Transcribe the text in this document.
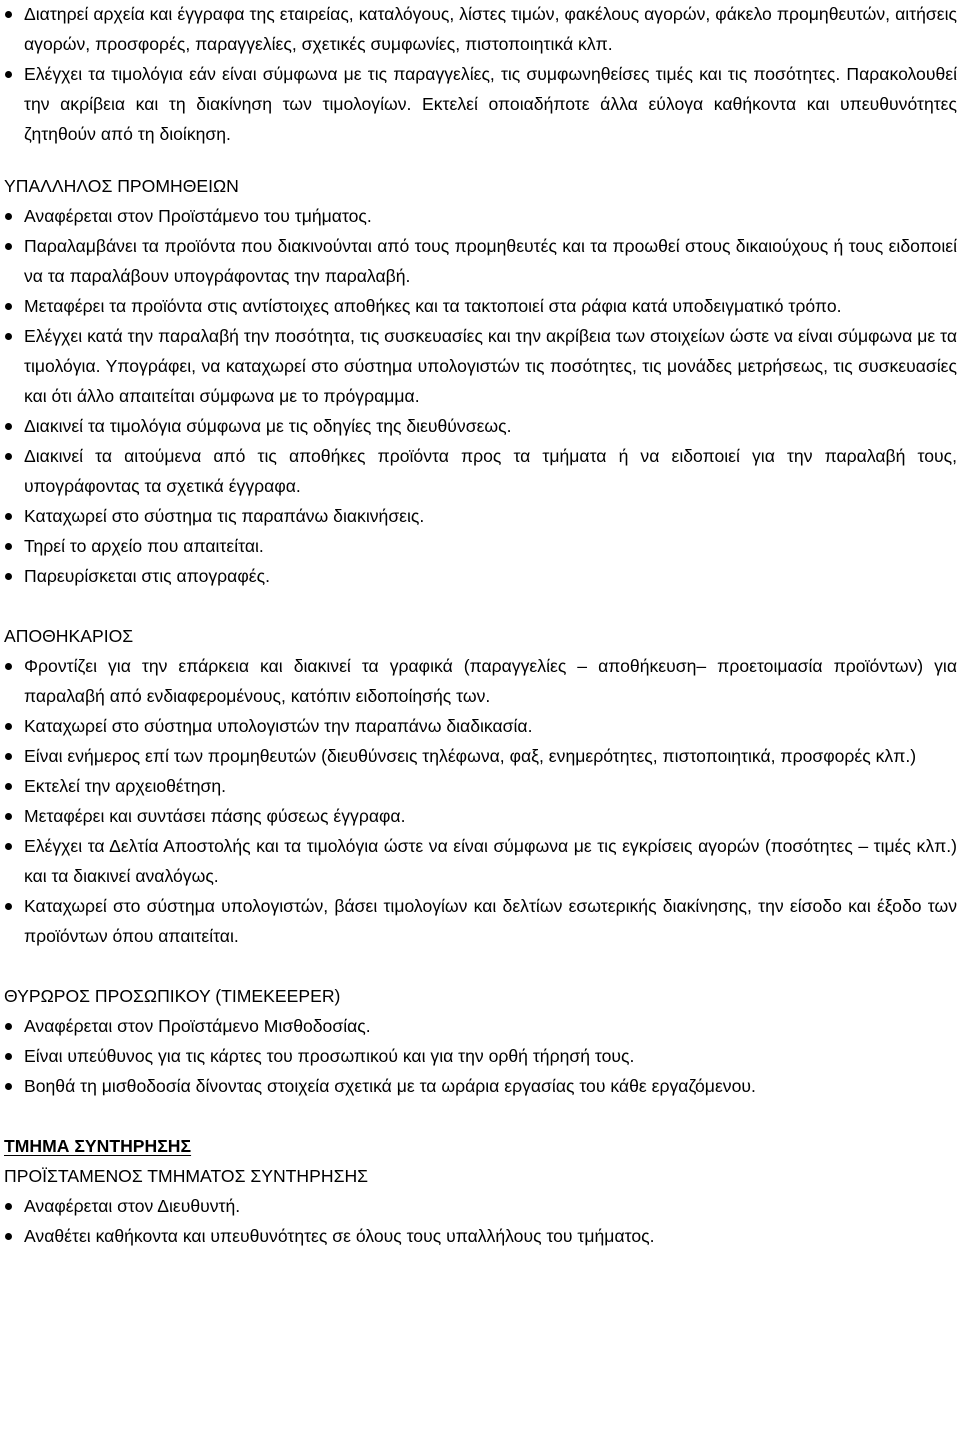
Διατηρεί αρχεία και έγγραφα της εταιρείας, καταλόγους, λίστες τιμών, φακέλους αγορών, φάκελο προμηθευτών, αιτήσεις αγορών, προσφορές, παραγγελίες, σχετικές συμφωνίες, πιστοποιητικά κλπ.
Ελέγχει τα τιμολόγια εάν είναι σύμφωνα με τις παραγγελίες, τις συμφωνηθείσες τιμές και τις ποσότητες. Παρακολουθεί την ακρίβεια και τη διακίνηση των τιμολογίων. Εκτελεί οποιαδήποτε άλλα εύλογα καθήκοντα και υπευθυνότητες ζητηθούν από τη διοίκηση.
ΥΠΑΛΛΗΛΟΣ ΠΡΟΜΗΘΕΙΩΝ
Αναφέρεται στον Προϊστάμενο του τμήματος.
Παραλαμβάνει τα προϊόντα που διακινούνται από τους προμηθευτές και τα προωθεί στους δικαιούχους ή τους ειδοποιεί να τα παραλάβουν υπογράφοντας την παραλαβή.
Μεταφέρει τα προϊόντα στις αντίστοιχες αποθήκες και τα τακτοποιεί στα ράφια κατά υποδειγματικό τρόπο.
Ελέγχει κατά την παραλαβή την ποσότητα, τις συσκευασίες και την ακρίβεια των στοιχείων ώστε να είναι σύμφωνα με τα τιμολόγια. Υπογράφει, να καταχωρεί στο σύστημα υπολογιστών τις ποσότητες, τις μονάδες μετρήσεως, τις συσκευασίες και ότι άλλο απαιτείται σύμφωνα με το πρόγραμμα.
Διακινεί τα τιμολόγια σύμφωνα με τις οδηγίες της διευθύνσεως.
Διακινεί τα αιτούμενα από τις αποθήκες προϊόντα προς τα τμήματα ή να ειδοποιεί για την παραλαβή τους, υπογράφοντας τα σχετικά έγγραφα.
Καταχωρεί στο σύστημα τις παραπάνω διακινήσεις.
Τηρεί το αρχείο που απαιτείται.
Παρευρίσκεται στις απογραφές.
ΑΠΟΘΗΚΑΡΙΟΣ
Φροντίζει για την επάρκεια και διακινεί τα γραφικά (παραγγελίες – αποθήκευση– προετοιμασία προϊόντων) για παραλαβή από ενδιαφερομένους, κατόπιν ειδοποίησής των.
Καταχωρεί στο σύστημα υπολογιστών την παραπάνω διαδικασία.
Είναι ενήμερος επί των προμηθευτών (διευθύνσεις τηλέφωνα, φαξ, ενημερότητες, πιστοποιητικά, προσφορές κλπ.)
Εκτελεί την αρχειοθέτηση.
Μεταφέρει και συντάσει πάσης φύσεως έγγραφα.
Ελέγχει τα Δελτία Αποστολής και τα τιμολόγια ώστε να είναι σύμφωνα με τις εγκρίσεις αγορών (ποσότητες – τιμές κλπ.) και τα διακινεί αναλόγως.
Καταχωρεί στο σύστημα υπολογιστών, βάσει τιμολογίων και δελτίων εσωτερικής διακίνησης, την είσοδο και έξοδο των προϊόντων όπου απαιτείται.
ΘΥΡΩΡΟΣ ΠΡΟΣΩΠΙΚΟΥ (TIMEKEEPER)
Αναφέρεται στον Προϊστάμενο Μισθοδοσίας.
Είναι υπεύθυνος για τις κάρτες του προσωπικού και για την ορθή τήρησή τους.
Βοηθά τη μισθοδοσία δίνοντας στοιχεία σχετικά με τα ωράρια εργασίας του κάθε εργαζόμενου.
ΤΜΗΜΑ ΣΥΝΤΗΡΗΣΗΣ
ΠΡΟΪΣΤΑΜΕΝΟΣ ΤΜΗΜΑΤΟΣ ΣΥΝΤΗΡΗΣΗΣ
Αναφέρεται στον Διευθυντή.
Αναθέτει καθήκοντα και υπευθυνότητες σε όλους τους υπαλλήλους του τμήματος.
